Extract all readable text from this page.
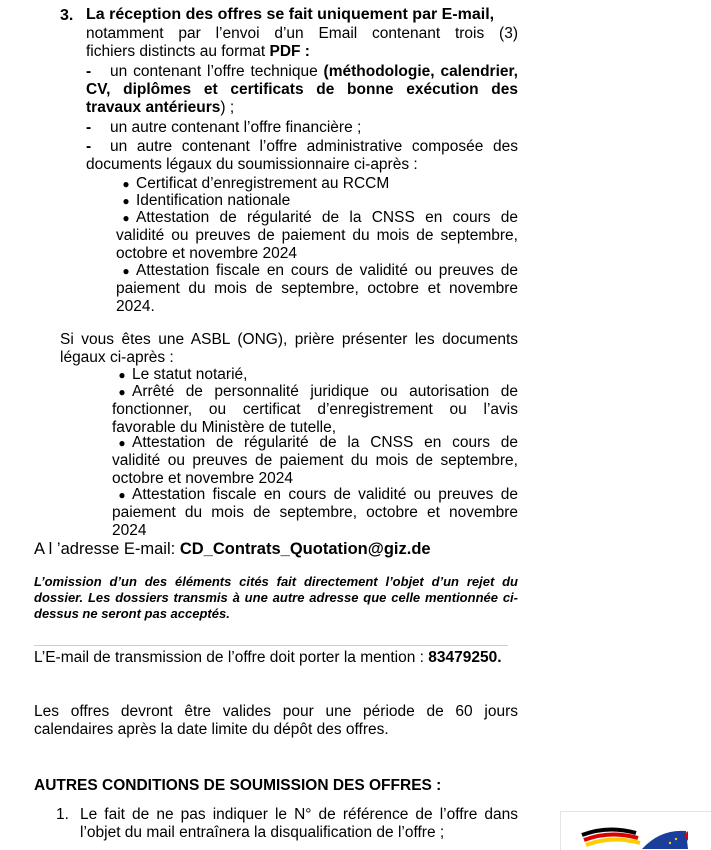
3. La réception des offres se fait uniquement par E-mail,
notamment par l’envoi d’un Email contenant trois (3)
fichiers distincts au format PDF :
-	un contenant l’offre technique (méthodologie, calendrier, CV, diplômes et certificats de bonne exécution des travaux antérieurs) ;
- un autre contenant l’offre financière ;
- un autre contenant l’offre administrative composée des
documents légaux du soumissionnaire ci-après :
● Certificat d’enregistrement au RCCM
● Identification nationale
● Attestation de régularité de la CNSS en cours de validité ou preuves de paiement du mois de septembre, octobre et novembre 2024
● Attestation fiscale en cours de validité ou preuves de paiement du mois de septembre, octobre et novembre 2024.
Si vous êtes une ASBL (ONG), prière présenter les documents légaux ci-après :
● Le statut notarié,
● Arrêté de personnalité juridique ou autorisation de fonctionner, ou certificat d’enregistrement ou l’avis favorable du Ministère de tutelle,
● Attestation de régularité de la CNSS en cours de validité ou preuves de paiement du mois de septembre, octobre et novembre 2024
● Attestation fiscale en cours de validité ou preuves de paiement du mois de septembre, octobre et novembre 2024
A l ’adresse E-mail: CD_Contrats_Quotation@giz.de
L’omission d’un des éléments cités fait directement l’objet d’un rejet du dossier. Les dossiers transmis à une autre adresse que celle mentionnée ci-dessus ne seront pas acceptés.
L’E-mail de transmission de l’offre doit porter la mention : 83479250.
Les offres devront être valides pour une période de 60 jours calendaires après la date limite du dépôt des offres.
AUTRES CONDITIONS DE SOUMISSION DES OFFRES :
1. Le fait de ne pas indiquer le N° de référence de l’offre dans l’objet du mail entraînera la disqualification de l’offre ;
